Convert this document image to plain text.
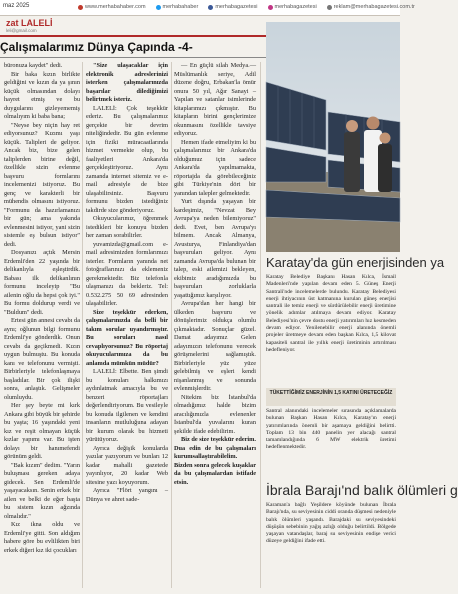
maz 2025	www.merhabahaber.com	merhabahaber	merhabagazetesi	merhabagazetesi	reklam@merhabagazetesi.com.tr
zat LALELİ
leli@gmail.com
Çalışmalarımız Dünya Çapında -4-

büronuza kaydet" dedi.

Bir baka kızın birlikte geldiğini ve kızın da ya şının küçük olmasından dolayı hayret etmiş ve bu duygularını gizleyememiş olmalıyım ki baba bana;

"Neyse bey niçin hay ret ediyorsunuz? Kızımı yaşı küçük. Talipleri de geliyor. Ancak biz, bize gelen taliplerden birine değil, özellikle sizin evlenme başvuru formlarını incelemenizi istiyoruz. Bu genç ve karakterli bir mühendis olmasını istiyoruz. "Formunu da hazırlamanızı bir gün; ama yakında evlenmesini istiyor, yani sizin sistemle eş bulsun istiyor" dedi.

Dosyanızı açtık Mersin Erdemli'den 22 yaşında bir delikanlıyla eşleştirdik. Babası ilk delikanlının formunu inceleyip "Bu ailenin oğlu da hepsi çok iyi." Bu formu doldurup verdi ve "Buldum" dedi.

Ertesi gün annesi cevabı da aynı; oğlunun bilgi formunu Erdemli'ye gönderdik. Onun cevabı da geçikmedi. Kızın uygun bulmuştu. Bu konuda kanı ve telefonunu vermişti. Birbirleriyle telefonlaşmaya başladılar. Bir çok ilişki sonra, anlaştık. Gelişmeler olumluydu.

Her şey beyte mi kırk Ankara gibi büyük bir şehirde bu yaşta; 16 yaşındaki yeni kız ve reşit olmayan küçük kızlar yapımı var. Bu işten dolayı bir hanımefendi görünüm geldi.

"Bak kızım" dedim. "Yarın buluşması gereken adaya gidecek. Sen Erdemli'de yaşayacaksın. Senin erkek bir ailen ve belki de eğer başta bu sistem kızın ağzında olmalıdır."

Kız ikna oldu ve Erdemli'ye gitti. Son aldığım habere göre bu evlilikten biri erkek diğeri kız iki çocukları

"Size ulaşacaklar için elektronik adreslerinizi isterken çalışmalarınızda başarılar dilediğimizi belirtmek isteriz.

LALELİ: Çok teşekkür ederiz. Bu çalışmalarımız gerçekte bir devrim niteliğindedir. Bu gün evlenme için fiziki müracaatlarında hizmet vermekte olup, bu faaliyetleri Ankara'da gerçekleştiriyoruz. Aynı zamanda internet sitemiz ve e-mail adresiyle de bize ulaşabilirsiniz. Başvuru formunu bizden istediğiniz takdirde size gönderiyoruz.

Okuyucularımız, öğrenmek istedikleri bir konuyu bizden her zaman sorabilirler.

yuvamizda@gmail.com e-mail adresimizden formlarımızı isterler. Formların yanında net fotoğraflarınızı da eklemeniz gerekmektedir. Biz telefonla ulaşmanızı da bekleriz. Tel: 0.532.275 50 69 adresinden ulaşabilirler.

Size teşekkür ederken, çalışmalarınızda da belli bir takım sorular uyandırmıştır. Bu soruları nasıl cevaplıyorsunuz? Bu röportaj okuyucularımıza da bu anlamda mümkün müdür?

LALELİ: Elbette. Ben şimdi bu konuları halkımızı aydınlatmak amacıyla bu ve benzeri röportajları değerlendiriyorum. Bu vesileyle bu konuda ilgilenen ve kendini insanların mutluluğuna adayan bir kurum olarak bu hizmeti yürütüyoruz.

Ayrıca değişik konularda yazılar yazıyorum ve bunları 12 kadar mahalli gazetede yayınlıyor, 20 kadar Web sitesine yazı koyuyorum.

Ayrıca "Flört yangını – Dünya ve ahret sade-

— En güçlü silah Medya.— Müslümanlık seriye, Adil düzene doğru, Erbakan'la ömür onura 50 yıl, Ağır Sanayi – Yapılan ve satanlar isimlerinde kitaplarımızı çıkmıştır. Bu kitapların birini gençlerimize okunmasını özellikle tavsiye ediyoruz.

Hemen ifade etmeliyim ki bu çalışmalarımız bir Ankara'da olduğumuz için sadece Ankara'da yapılmamakta, röportajda da görebileceğiniz gibi Türkiye'nin dört bir yanından talepler gelmektedir.

Yurt dışında yaşayan bir kardeşimiz, "Nevzat Bey Avrupa'ya neden bilemiyoruz" dedi. Evet, ben Avrupa'yı bilmem. Ancak Almanya, Avusturya, Finlandiya'dan başvuruları geliyor. Aynı zamanda Avrupa'da bulunan bir talep, eski ailemizi bekleyen, ekibimiz aradığımızda bu başvuruları zorluklarla yaşattığımız karşılıyor.

Avrupa'dan her hangi bir ülkeden başvuru ve dönüşlerimiz oldukça olumlu çıkmaktadır. Sonuçlar güzel. Damat adayımız Gelen adayımızın telefonunu verecek görüşmelerini sağlamıştık. Birbirleriyle yüz yüze gelebilmiş ve eşleri kendi nişanlanmış ve sonunda evlenmişlerdir.

Nitekim biz İstanbul'da olmadığımız halde bizim aracılığımızla evlenenler İstanbul'da yuvalarını kuran şekilde ifade edebilirim.

Biz de size teşekkür ederim. Dua edin de bu çalışmaları kurumsallaştırabilelim. Bizden sonra gelecek kuşaklar da bu çalışmalardan istifade etsin.

Karatay'da gün enerjisinden ya
Karatay Belediye Başkanı Hasan Kılca, İsmail Madenleri'nde yapılan devam eden 5. Güneş Enerji Santrali'nde incelemelerde bulundu. Karatay Belediyesi enerji ihtiyacının üst katmanına kurulan güneş enerjisi santrali ile temiz enerji ve sürdürülebilir enerji üretimine yönelik adımlar atılmaya devam ediyor. Karatay Belediyesi'nin çevre dostu enerji yatırımları hız kesmeden devam ediyor. Yenilenebilir enerji alanında önemli projeler üretmeye devam eden başkan Kılca, 1,5 kilovat kapasiteli santral ile yıllık enerji üretiminin artırılması hedefleniyor.
TÜKETTİĞİMİZ ENERJİNİN 1,5 KATINI ÜRETECEĞİZ
Santral alanındaki incelemeler sırasında açıklamalarda bulunan Başkan Hasan Kılca, Karatay'ın enerji yatırımlarında önemli bir aşamaya geldiğini belirtti. Toplam 13 bin 440 panelin yer alacağı santral tamamlandığında 6 MW elektrik üretimi hedeflenmektedir.
İbrala Barajı'nd balık ölümleri g
Karaman'a bağlı Yeşildere köyünde bulunan İbrala Barajı'nda, su seviyesinin ciddi oranda düşmesi nedeniyle balık ölümleri yaşandı. Barajdaki su seviyesindeki düşüşün sebebinin yağış azlığı olduğu belirtildi. Bölgede yaşayan vatandaşlar, baraj su seviyesinin endişe verici düzeye geldiğini ifade etti.
